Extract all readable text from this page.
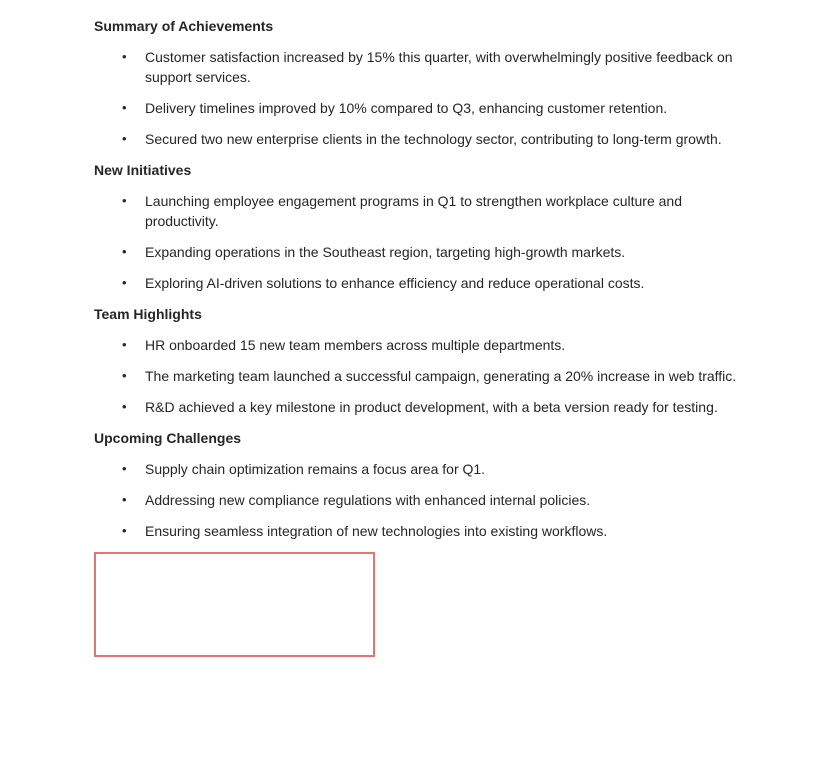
Summary of Achievements
•	Customer satisfaction increased by 15% this quarter, with overwhelmingly positive feedback on support services.
•	Delivery timelines improved by 10% compared to Q3, enhancing customer retention.
•	Secured two new enterprise clients in the technology sector, contributing to long-term growth.
New Initiatives
•	Launching employee engagement programs in Q1 to strengthen workplace culture and productivity.
•	Expanding operations in the Southeast region, targeting high-growth markets.
•	Exploring AI-driven solutions to enhance efficiency and reduce operational costs.
Team Highlights
•	HR onboarded 15 new team members across multiple departments.
•	The marketing team launched a successful campaign, generating a 20% increase in web traffic.
•	R&D achieved a key milestone in product development, with a beta version ready for testing.
Upcoming Challenges
•	Supply chain optimization remains a focus area for Q1.
•	Addressing new compliance regulations with enhanced internal policies.
•	Ensuring seamless integration of new technologies into existing workflows.
